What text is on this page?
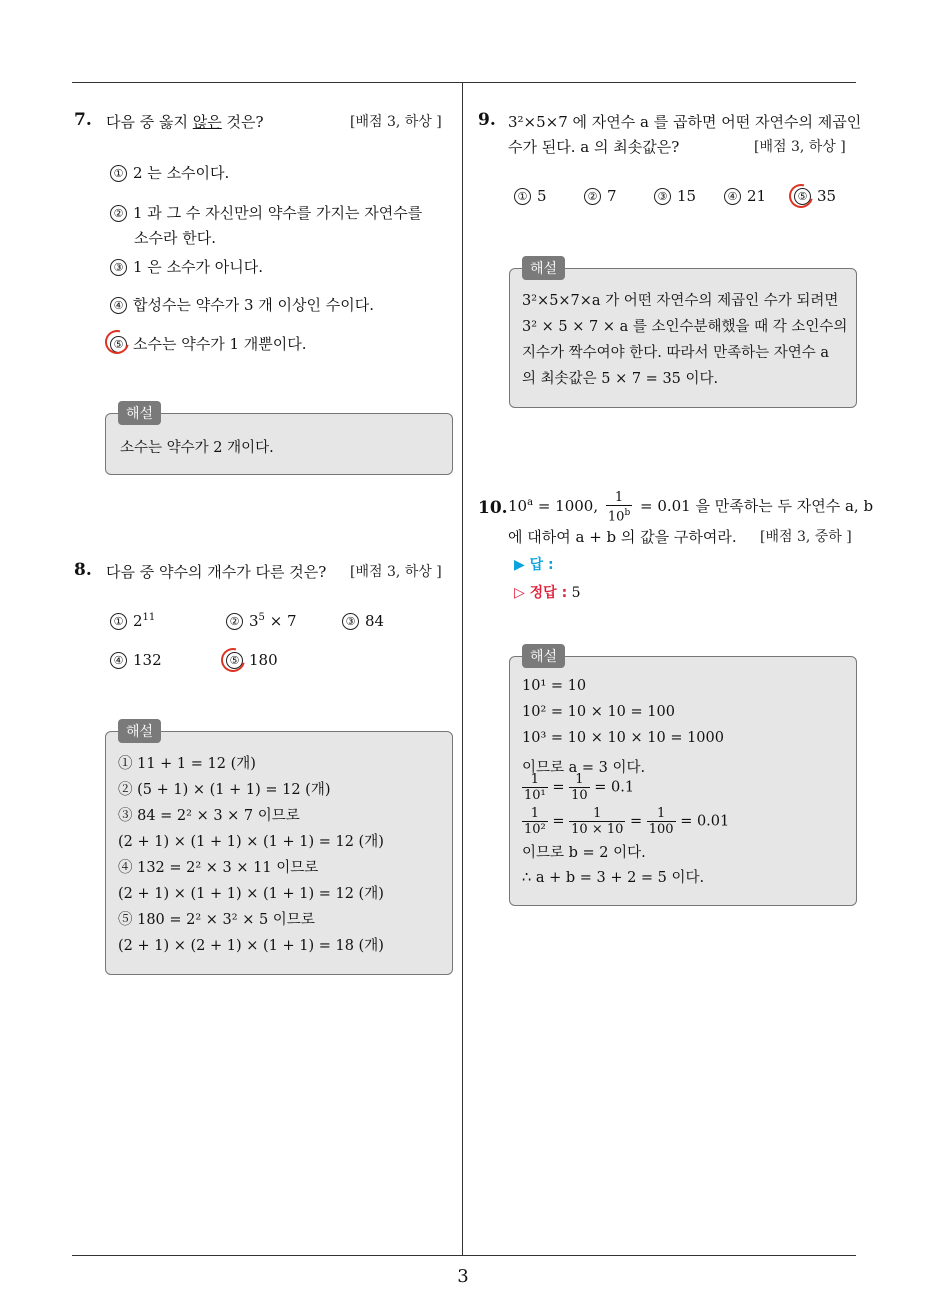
3
7. 다음 중 옳지 않은 것은?	[배점 3, 하상 ]
① 2 는 소수이다.
② 1 과 그 수 자신만의 약수를 가지는 자연수를
소수라 한다.
③ 1 은 소수가 아니다.
④ 합성수는 약수가 3 개 이상인 수이다.
⑤ 소수는 약수가 1 개뿐이다.
해설
소수는 약수가 2 개이다.
8. 다음 중 약수의 개수가 다른 것은? [배점 3, 하상 ]
① $2^{11}$	② $3^5 \times 7$	③ 84
④ 132	⑤ 180
해설
① 11 + 1 = 12 (개)
② (5 + 1) × (1 + 1) = 12 (개)
③ 84 = 2² × 3 × 7 이므로
(2 + 1) × (1 + 1) × (1 + 1) = 12 (개)
④ 132 = 2² × 3 × 11 이므로
(2 + 1) × (1 + 1) × (1 + 1) = 12 (개)
⑤ 180 = 2² × 3² × 5 이므로
(2 + 1) × (2 + 1) × (1 + 1) = 18 (개)
9. 3²×5×7 에 자연수 a 를 곱하면 어떤 자연수의 제곱인
수가 된다. a 의 최솟값은?	[배점 3, 하상 ]
① 5	② 7	③ 15	④ 21	⑤ 35
해설
3²×5×7×a 가 어떤 자연수의 제곱인 수가 되려면
3² × 5 × 7 × a 를 소인수분해했을 때 각 소인수의
지수가 짝수여야 한다. 따라서 만족하는 자연수 a
의 최솟값은 5 × 7 = 35 이다.
10. $10^a = 1000$, $\frac{1}{10^b} = 0.01$ 을 만족하는 두 자연수 a, b
에 대하여 a + b 의 값을 구하여라. [배점 3, 중하 ]
▶ 답 :
▷ 정답 : 5
해설
10¹ = 10
10² = 10 × 10 = 100
10³ = 10 × 10 × 10 = 1000
이므로 a = 3 이다.
$\frac{1}{\text{10¹}} = \frac{1}{10} = 0.1$
$\frac{1}{\text{10²}} = \frac{1}{10 \times 10} = \frac{1}{100} = 0.01$
이므로 b = 2 이다.
∴ a + b = 3 + 2 = 5 이다.
